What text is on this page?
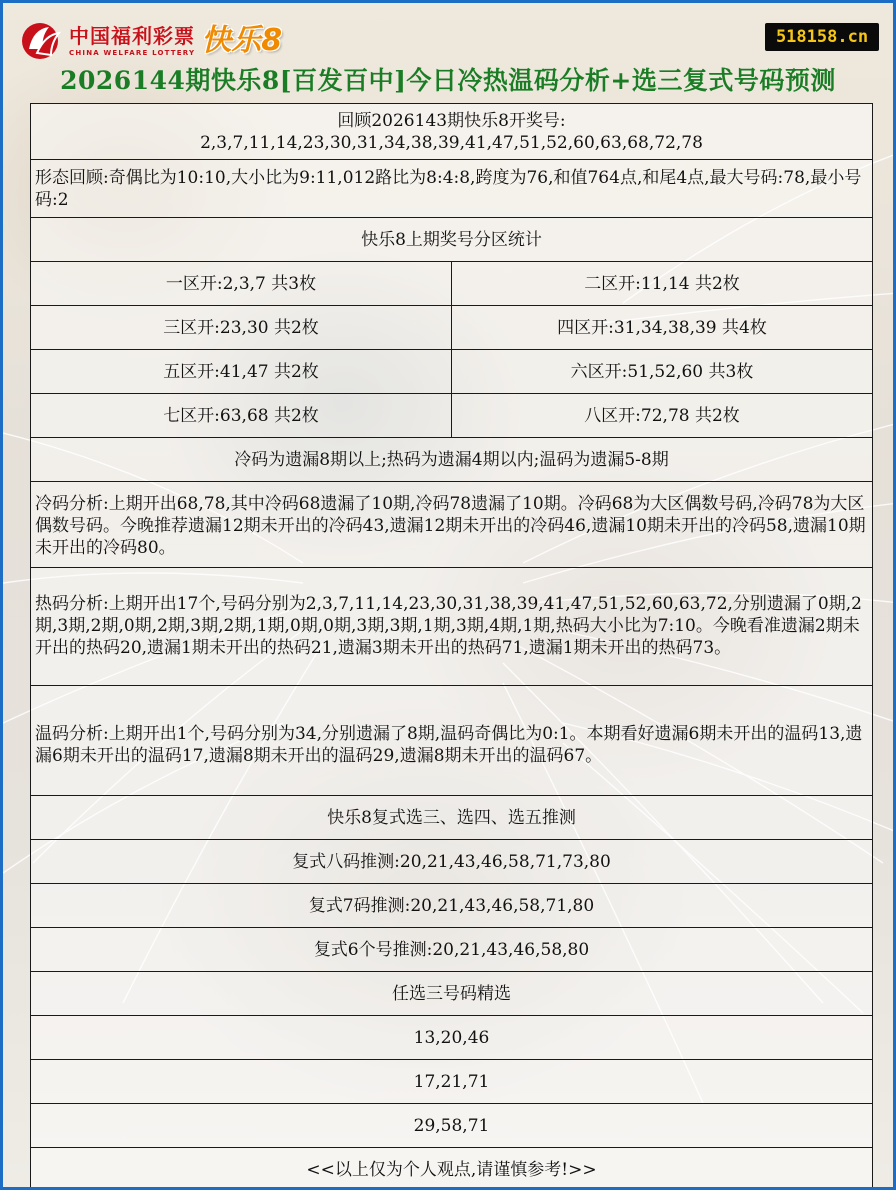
中国福利彩票
CHINA WELFARE LOTTERY 快乐8	518158.cn
2026144期快乐8[百发百中]今日冷热温码分析+选三复式号码预测
回顾2026143期快乐8开奖号:
2,3,7,11,14,23,30,31,34,38,39,41,47,51,52,60,63,68,72,78	

形态回顾:奇偶比为10:10,大小比为9:11,012路比为8:4:8,跨度为76,和值764点,和尾4点,最大号码:78,最小号码:2	
快乐8上期奖号分区统计	
一区开:2,3,7 共3枚	二区开:11,14 共2枚
三区开:23,30 共2枚	四区开:31,34,38,39 共4枚
五区开:41,47 共2枚	六区开:51,52,60 共3枚
七区开:63,68 共2枚	八区开:72,78 共2枚
冷码为遗漏8期以上;热码为遗漏4期以内;温码为遗漏5-8期	
冷码分析:上期开出68,78,其中冷码68遗漏了10期,冷码78遗漏了10期。冷码68为大区偶数号码,冷码78为大区偶数号码。今晚推荐遗漏12期未开出的冷码43,遗漏12期未开出的冷码46,遗漏10期未开出的冷码58,遗漏10期未开出的冷码80。	
热码分析:上期开出17个,号码分别为2,3,7,11,14,23,30,31,38,39,41,47,51,52,60,63,72,分别遗漏了0期,2期,3期,2期,0期,2期,3期,2期,1期,0期,0期,3期,3期,1期,3期,4期,1期,热码大小比为7:10。今晚看准遗漏2期未开出的热码20,遗漏1期未开出的热码21,遗漏3期未开出的热码71,遗漏1期未开出的热码73。	
温码分析:上期开出1个,号码分别为34,分别遗漏了8期,温码奇偶比为0:1。本期看好遗漏6期未开出的温码13,遗漏6期未开出的温码17,遗漏8期未开出的温码29,遗漏8期未开出的温码67。	
快乐8复式选三、选四、选五推测	
复式八码推测:20,21,43,46,58,71,73,80	
复式7码推测:20,21,43,46,58,71,80	
复式6个号推测:20,21,43,46,58,80	
任选三号码精选	
13,20,46	
17,21,71	
29,58,71	
<<以上仅为个人观点,请谨慎参考!>>	
